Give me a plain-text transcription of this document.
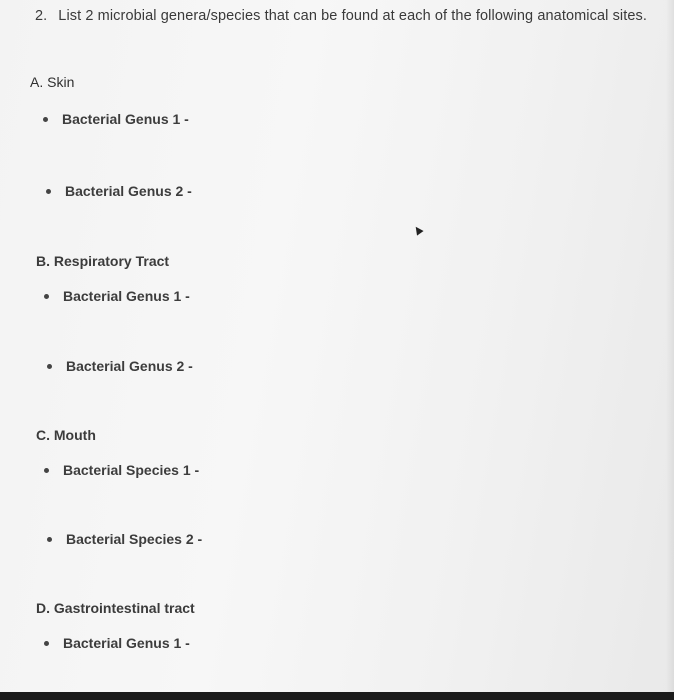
2. List 2 microbial genera/species that can be found at each of the following anatomical sites.
A. Skin
Bacterial Genus 1 -
Bacterial Genus 2 -
B. Respiratory Tract
Bacterial Genus 1 -
Bacterial Genus 2 -
C. Mouth
Bacterial Species 1 -
Bacterial Species 2 -
D. Gastrointestinal tract
Bacterial Genus 1 -
